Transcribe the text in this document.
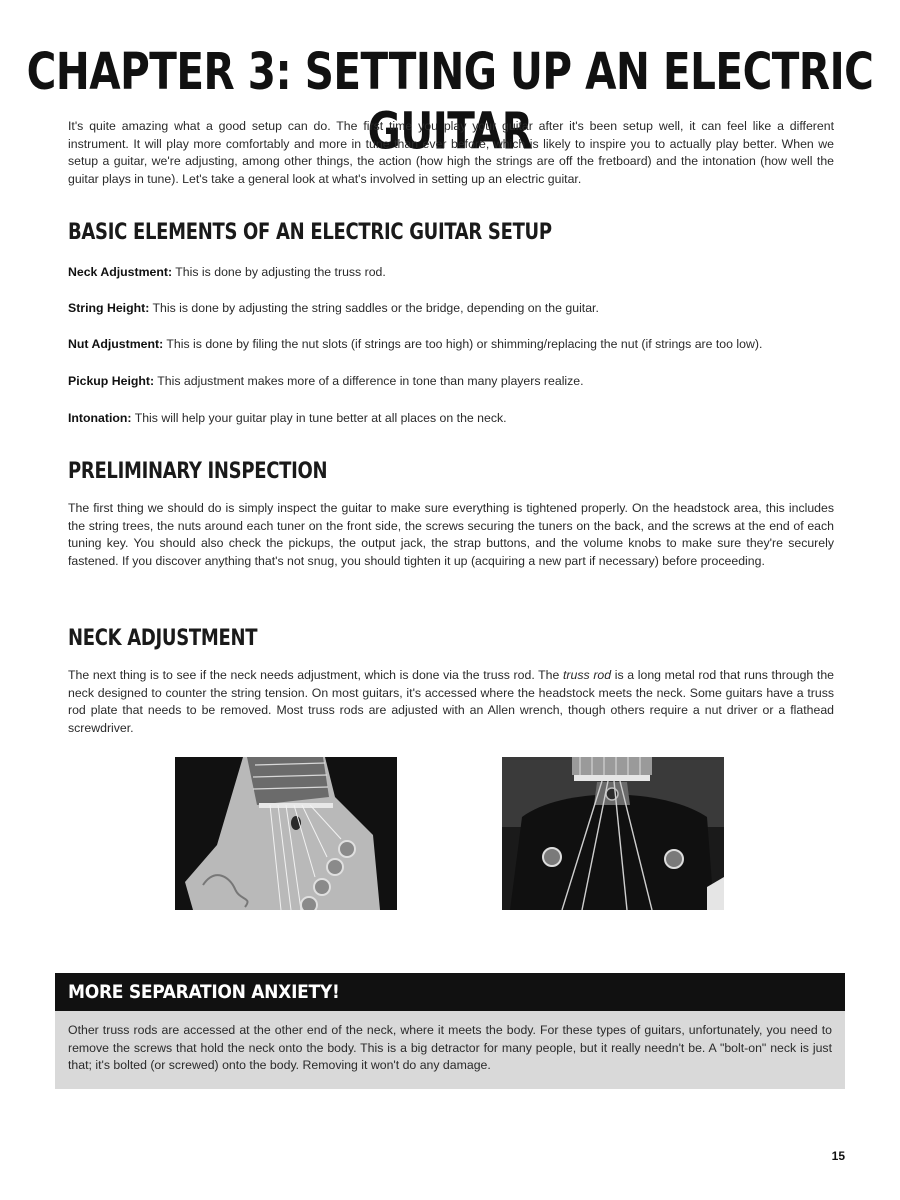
CHAPTER 3: SETTING UP AN ELECTRIC GUITAR

It's quite amazing what a good setup can do. The first time you play your guitar after it's been setup well, it can feel like a different instrument. It will play more comfortably and more in tune than ever before, which is likely to inspire you to actually play better. When we setup a guitar, we're adjusting, among other things, the action (how high the strings are off the fretboard) and the intonation (how well the guitar plays in tune). Let's take a general look at what's involved in setting up an electric guitar.

BASIC ELEMENTS OF AN ELECTRIC GUITAR SETUP

Neck Adjustment: This is done by adjusting the truss rod.

String Height: This is done by adjusting the string saddles or the bridge, depending on the guitar.

Nut Adjustment: This is done by filing the nut slots (if strings are too high) or shimming/replacing the nut (if strings are too low).

Pickup Height: This adjustment makes more of a difference in tone than many players realize.

Intonation: This will help your guitar play in tune better at all places on the neck.

PRELIMINARY INSPECTION

The first thing we should do is simply inspect the guitar to make sure everything is tightened properly. On the headstock area, this includes the string trees, the nuts around each tuner on the front side, the screws securing the tuners on the back, and the screws at the end of each tuning key. You should also check the pickups, the output jack, the strap buttons, and the volume knobs to make sure they're securely fastened. If you discover anything that's not snug, you should tighten it up (acquiring a new part if necessary) before proceeding.

NECK ADJUSTMENT

The next thing is to see if the neck needs adjustment, which is done via the truss rod. The truss rod is a long metal rod that runs through the neck designed to counter the string tension. On most guitars, it's accessed where the headstock meets the neck. Some guitars have a truss rod plate that needs to be removed. Most truss rods are adjusted with an Allen wrench, though others require a nut driver or a flathead screwdriver.

MORE SEPARATION ANXIETY!
Other truss rods are accessed at the other end of the neck, where it meets the body. For these types of guitars, unfortunately, you need to remove the screws that hold the neck onto the body. This is a big detractor for many people, but it really needn't be. A "bolt-on" neck is just that; it's bolted (or screwed) onto the body. Removing it won't do any damage.
15
